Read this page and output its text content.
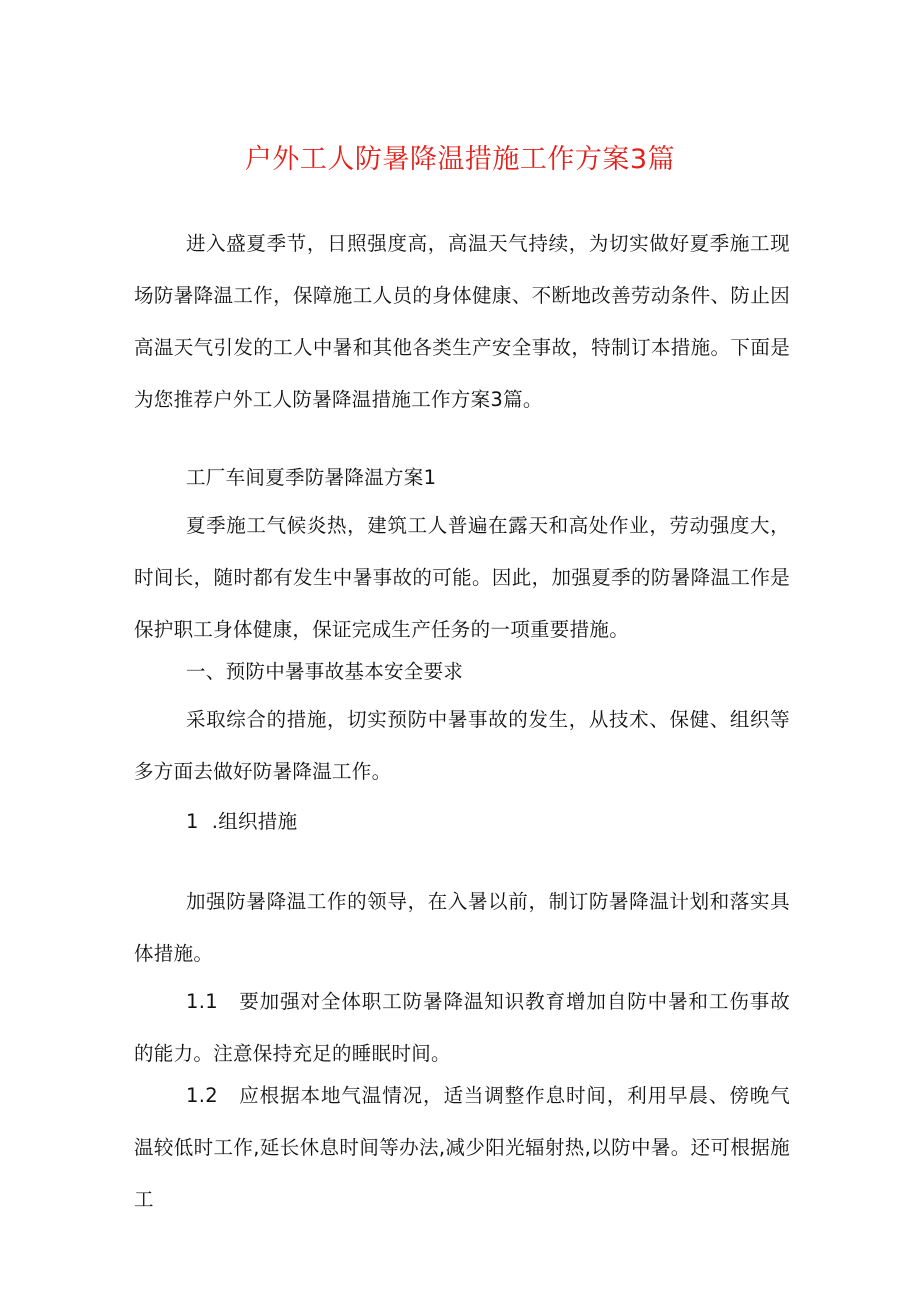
户外工人防暑降温措施工作方案3篇
进入盛夏季节，日照强度高，高温天气持续，为切实做好夏季施工现场防暑降温工作，保障施工人员的身体健康、不断地改善劳动条件、防止因高温天气引发的工人中暑和其他各类生产安全事故，特制订本措施。下面是为您推荐户外工人防暑降温措施工作方案3篇。
工厂车间夏季防暑降温方案1
夏季施工气候炎热，建筑工人普遍在露天和高处作业，劳动强度大，时间长，随时都有发生中暑事故的可能。因此，加强夏季的防暑降温工作是保护职工身体健康，保证完成生产任务的一项重要措施。
一、预防中暑事故基本安全要求
采取综合的措施，切实预防中暑事故的发生，从技术、保健、组织等多方面去做好防暑降温工作。
1  .组织措施
加强防暑降温工作的领导，在入暑以前，制订防暑降温计划和落实具体措施。
1.1   要加强对全体职工防暑降温知识教育增加自防中暑和工伤事故的能力。注意保持充足的睡眠时间。
1.2   应根据本地气温情况，适当调整作息时间，利用早晨、傍晚气温较低时工作,延长休息时间等办法,减少阳光辐射热,以防中暑。还可根据施工
